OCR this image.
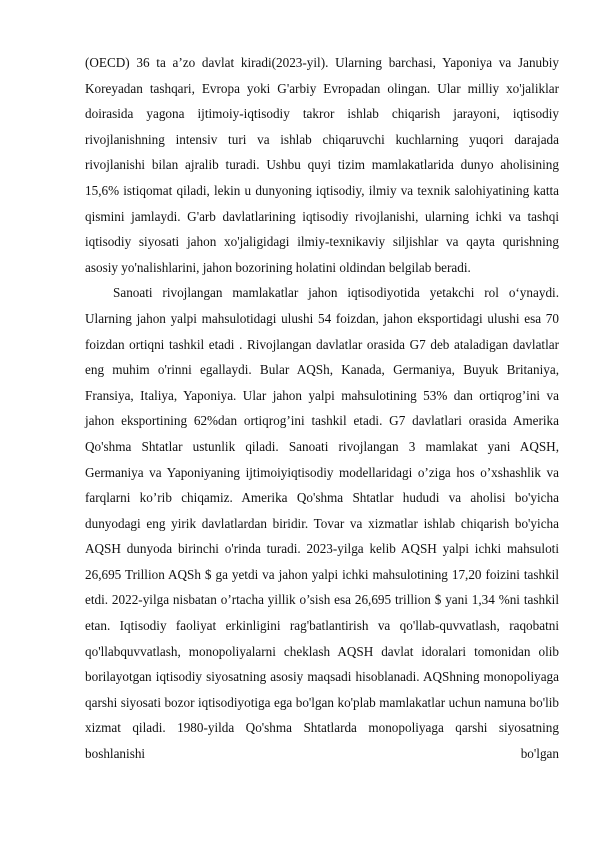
(OECD) 36 ta a’zo davlat kiradi(2023-yil). Ularning barchasi, Yaponiya va Janubiy Koreyadan tashqari, Evropa yoki G'arbiy Evropadan olingan. Ular milliy xo'jaliklar doirasida yagona ijtimoiy-iqtisodiy takror ishlab chiqarish jarayoni, iqtisodiy rivojlanishning intensiv turi va ishlab chiqaruvchi kuchlarning yuqori darajada rivojlanishi bilan ajralib turadi. Ushbu quyi tizim mamlakatlarida dunyo aholisining 15,6% istiqomat qiladi, lekin u dunyoning iqtisodiy, ilmiy va texnik salohiyatining katta qismini jamlaydi. G'arb davlatlarining iqtisodiy rivojlanishi, ularning ichki va tashqi iqtisodiy siyosati jahon xo'jaligidagi ilmiy-texnikaviy siljishlar va qayta qurishning asosiy yo'nalishlarini, jahon bozorining holatini oldindan belgilab beradi.

Sanoati rivojlangan mamlakatlar jahon iqtisodiyotida yetakchi rol o‘ynaydi. Ularning jahon yalpi mahsulotidagi ulushi 54 foizdan, jahon eksportidagi ulushi esa 70 foizdan ortiqni tashkil etadi . Rivojlangan davlatlar orasida G7 deb ataladigan davlatlar eng muhim o'rinni egallaydi. Bular AQSh, Kanada, Germaniya, Buyuk Britaniya, Fransiya, Italiya, Yaponiya. Ular jahon yalpi mahsulotining 53% dan ortiqrog’ini va jahon eksportining 62%dan ortiqrog’ini tashkil etadi. G7 davlatlari orasida Amerika Qo'shma Shtatlar ustunlik qiladi. Sanoati rivojlangan 3 mamlakat yani AQSH, Germaniya va Yaponiyaning ijtimoiyiqtisodiy modellaridagi o’ziga hos o’xshashlik va farqlarni ko’rib chiqamiz. Amerika Qo'shma Shtatlar hududi va aholisi bo'yicha dunyodagi eng yirik davlatlardan biridir. Tovar va xizmatlar ishlab chiqarish bo'yicha AQSH dunyoda birinchi o'rinda turadi. 2023-yilga kelib AQSH yalpi ichki mahsuloti 26,695 Trillion AQSh $ ga yetdi va jahon yalpi ichki mahsulotining 17,20 foizini tashkil etdi. 2022-yilga nisbatan o’rtacha yillik o’sish esa 26,695 trillion $ yani 1,34 %ni tashkil etan. Iqtisodiy faoliyat erkinligini rag'batlantirish va qo'llab-quvvatlash, raqobatni qo'llabquvvatlash, monopoliyalarni cheklash AQSH davlat idoralari tomonidan olib borilayotgan iqtisodiy siyosatning asosiy maqsadi hisoblanadi. AQShning monopoliyaga qarshi siyosati bozor iqtisodiyotiga ega bo'lgan ko'plab mamlakatlar uchun namuna bo'lib xizmat qiladi. 1980-yilda Qo'shma Shtatlarda monopoliyaga qarshi siyosatning boshlanishi bo'lgan
